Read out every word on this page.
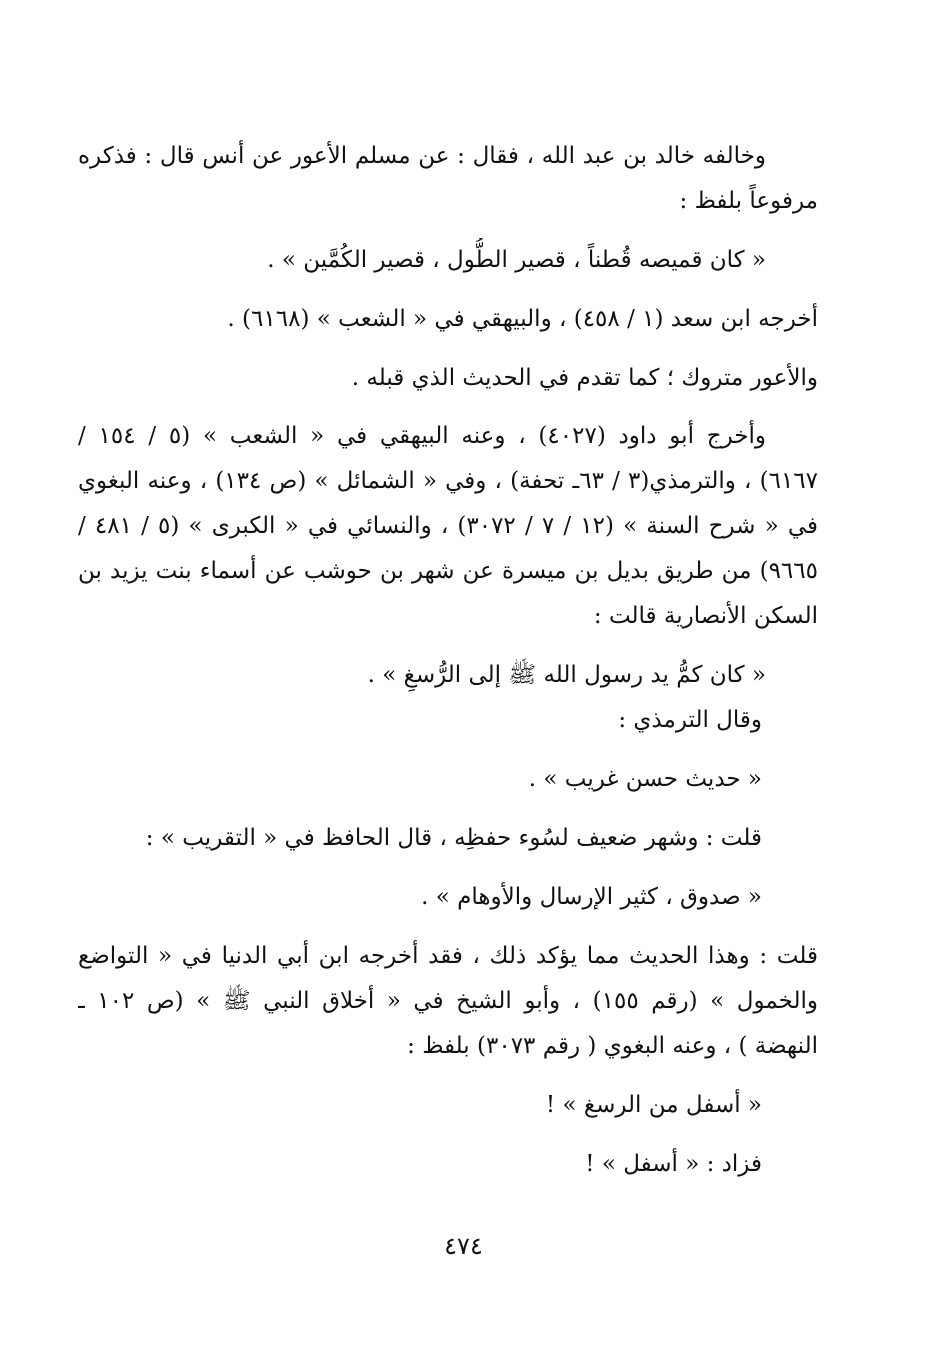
وخالفه خالد بن عبد الله ، فقال : عن مسلم الأعور عن أنس قال : فذكره
مرفوعاً بلفظ :
« كان قميصه قُطناً ، قصير الطُّول ، قصير الكُمَّين » .
أخرجه ابن سعد (١ / ٤٥٨) ، والبيهقي في « الشعب » (٦١٦٨) .
والأعور متروك ؛ كما تقدم في الحديث الذي قبله .
وأخرج أبو داود (٤٠٢٧) ، وعنه البيهقي في « الشعب » (٥ / ١٥٤ /
٦١٦٧) ، والترمذي(٣ / ٦٣ـ تحفة) ، وفي « الشمائل » (ص ١٣٤) ، وعنه البغوي
في « شرح السنة » (١٢ / ٧ / ٣٠٧٢) ، والنسائي في « الكبرى » (٥ / ٤٨١ /
٩٦٦٥) من طريق بديل بن ميسرة عن شهر بن حوشب عن أسماء بنت يزيد بن
السكن الأنصارية قالت :
« كان كمُّ يد رسول الله ﷺ إلى الرُّسغِ » .
وقال الترمذي :
« حديث حسن غريب » .
قلت : وشهر ضعيف لسُوء حفظِه ، قال الحافظ في « التقريب » :
« صدوق ، كثير الإرسال والأوهام » .
قلت : وهذا الحديث مما يؤكد ذلك ، فقد أخرجه ابن أبي الدنيا في « التواضع
والخمول » (رقم ١٥٥) ، وأبو الشيخ في « أخلاق النبي ﷺ » (ص ١٠٢ ـ
النهضة ) ، وعنه البغوي ( رقم ٣٠٧٣) بلفظ :
« أسفل من الرسغ » !
فزاد : « أسفل » !
٤٧٤
